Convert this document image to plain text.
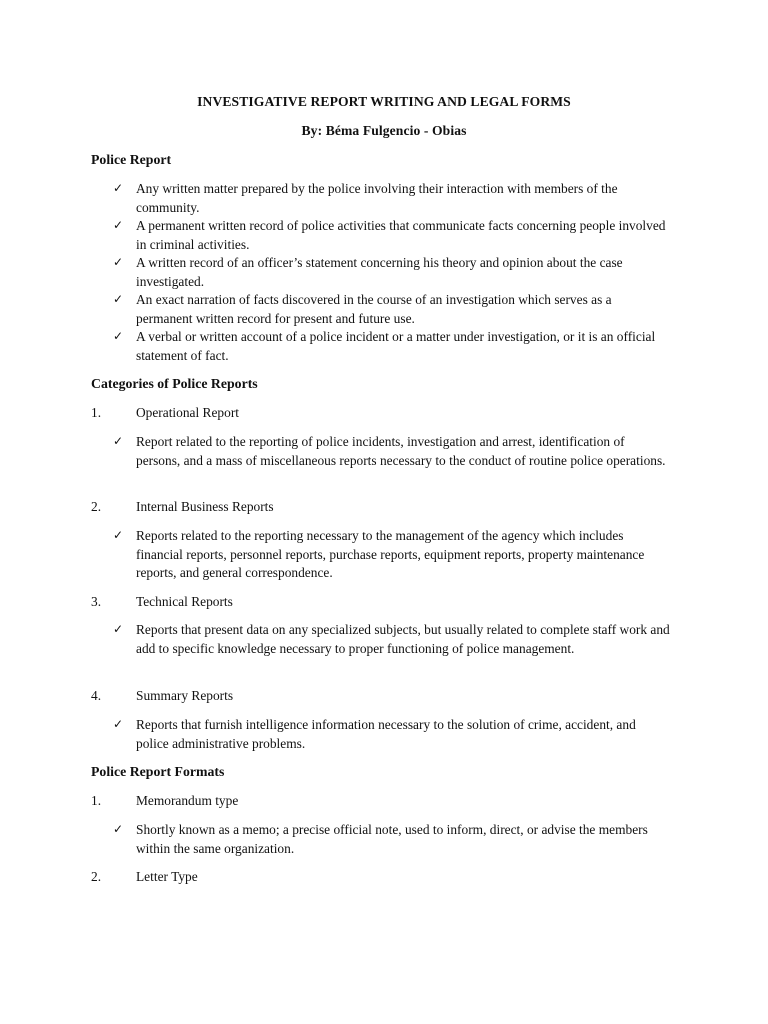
INVESTIGATIVE REPORT WRITING AND LEGAL FORMS
By: Béma Fulgencio - Obias
Police Report
✓ Any written matter prepared by the police involving their interaction with members of the community.
✓ A permanent written record of police activities that communicate facts concerning people involved in criminal activities.
✓ A written record of an officer’s statement concerning his theory and opinion about the case investigated.
✓ An exact narration of facts discovered in the course of an investigation which serves as a permanent written record for present and future use.
✓ A verbal or written account of a police incident or a matter under investigation, or it is an official statement of fact.
Categories of Police Reports
1.	Operational Report
✓ Report related to the reporting of police incidents, investigation and arrest, identification of persons, and a mass of miscellaneous reports necessary to the conduct of routine police operations.
2.	Internal Business Reports
✓ Reports related to the reporting necessary to the management of the agency which includes financial reports, personnel reports, purchase reports, equipment reports, property maintenance reports, and general correspondence.
3.	Technical Reports
✓ Reports that present data on any specialized subjects, but usually related to complete staff work and add to specific knowledge necessary to proper functioning of police management.
4.	Summary Reports
✓ Reports that furnish intelligence information necessary to the solution of crime, accident, and police administrative problems.
Police Report Formats
1.	Memorandum type
✓ Shortly known as a memo; a precise official note, used to inform, direct, or advise the members within the same organization.
2.	Letter Type
